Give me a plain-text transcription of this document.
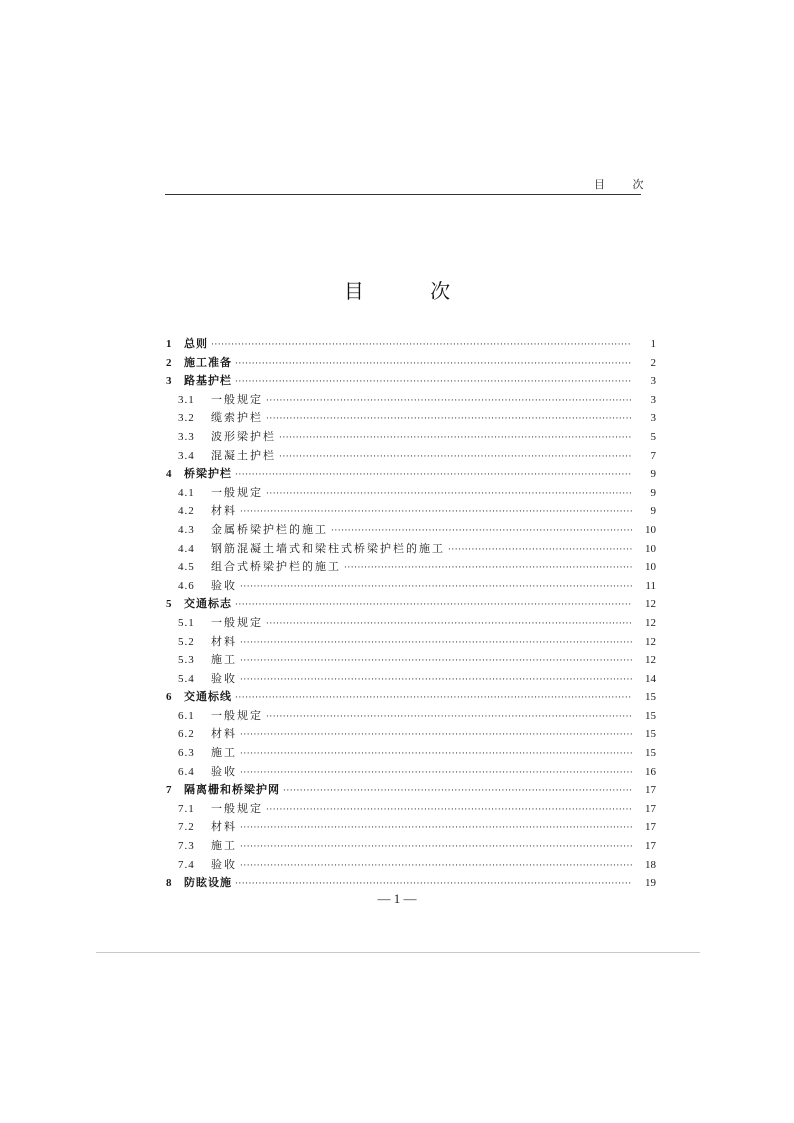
目 次
目 次
1	总则 ·····	1
2	施工准备 ·····	2
3	路基护栏 ·····	3
3.1	一般规定 ·····	3
3.2	缆索护栏 ·····	3
3.3	波形梁护栏 ·····	5
3.4	混凝土护栏 ·····	7
4	桥梁护栏 ·····	9
4.1	一般规定 ·····	9
4.2	材料 ·····	9
4.3	金属桥梁护栏的施工 ·····	10
4.4	钢筋混凝土墙式和梁柱式桥梁护栏的施工 ·····	10
4.5	组合式桥梁护栏的施工 ·····	10
4.6	验收 ·····	11
5	交通标志 ·····	12
5.1	一般规定 ·····	12
5.2	材料 ·····	12
5.3	施工 ·····	12
5.4	验收 ·····	14
6	交通标线 ·····	15
6.1	一般规定 ·····	15
6.2	材料 ·····	15
6.3	施工 ·····	15
6.4	验收 ·····	16
7	隔离栅和桥梁护网 ·····	17
7.1	一般规定 ·····	17
7.2	材料 ·····	17
7.3	施工 ·····	17
7.4	验收 ·····	18
8	防眩设施 ·····	19
— 1 —
